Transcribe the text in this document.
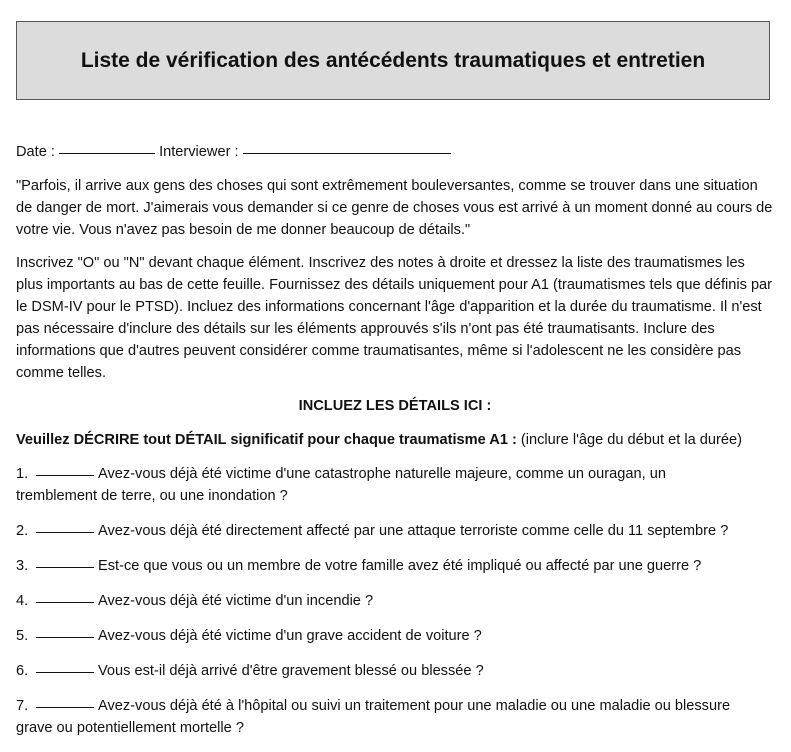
Liste de vérification des antécédents traumatiques et entretien

Date :	Interviewer :

"Parfois, il arrive aux gens des choses qui sont extrêmement bouleversantes, comme se trouver dans une situation de danger de mort. J'aimerais vous demander si ce genre de choses vous est arrivé à un moment donné au cours de votre vie. Vous n'avez pas besoin de me donner beaucoup de détails."

Inscrivez "O" ou "N" devant chaque élément. Inscrivez des notes à droite et dressez la liste des traumatismes les plus importants au bas de cette feuille. Fournissez des détails uniquement pour A1 (traumatismes tels que définis par le DSM-IV pour le PTSD). Incluez des informations concernant l'âge d'apparition et la durée du traumatisme. Il n'est pas nécessaire d'inclure des détails sur les éléments approuvés s'ils n'ont pas été traumatisants. Inclure des informations que d'autres peuvent considérer comme traumatisantes, même si l'adolescent ne les considère pas comme telles.

INCLUEZ LES DÉTAILS ICI :

Veuillez DÉCRIRE tout DÉTAIL significatif pour chaque traumatisme A1 : (inclure l'âge du début et la durée)

1.	Avez-vous déjà été victime d'une catastrophe naturelle majeure, comme un ouragan, un
tremblement de terre, ou une inondation ?
2.	Avez-vous déjà été directement affecté par une attaque terroriste comme celle du 11 septembre ?
3.	Est-ce que vous ou un membre de votre famille avez été impliqué ou affecté par une guerre ?
4.	Avez-vous déjà été victime d'un incendie ?
5.	Avez-vous déjà été victime d'un grave accident de voiture ?
6.	Vous est-il déjà arrivé d'être gravement blessé ou blessée ?
7.	Avez-vous déjà été à l'hôpital ou suivi un traitement pour une maladie ou une maladie ou blessure
grave ou potentiellement mortelle ?
